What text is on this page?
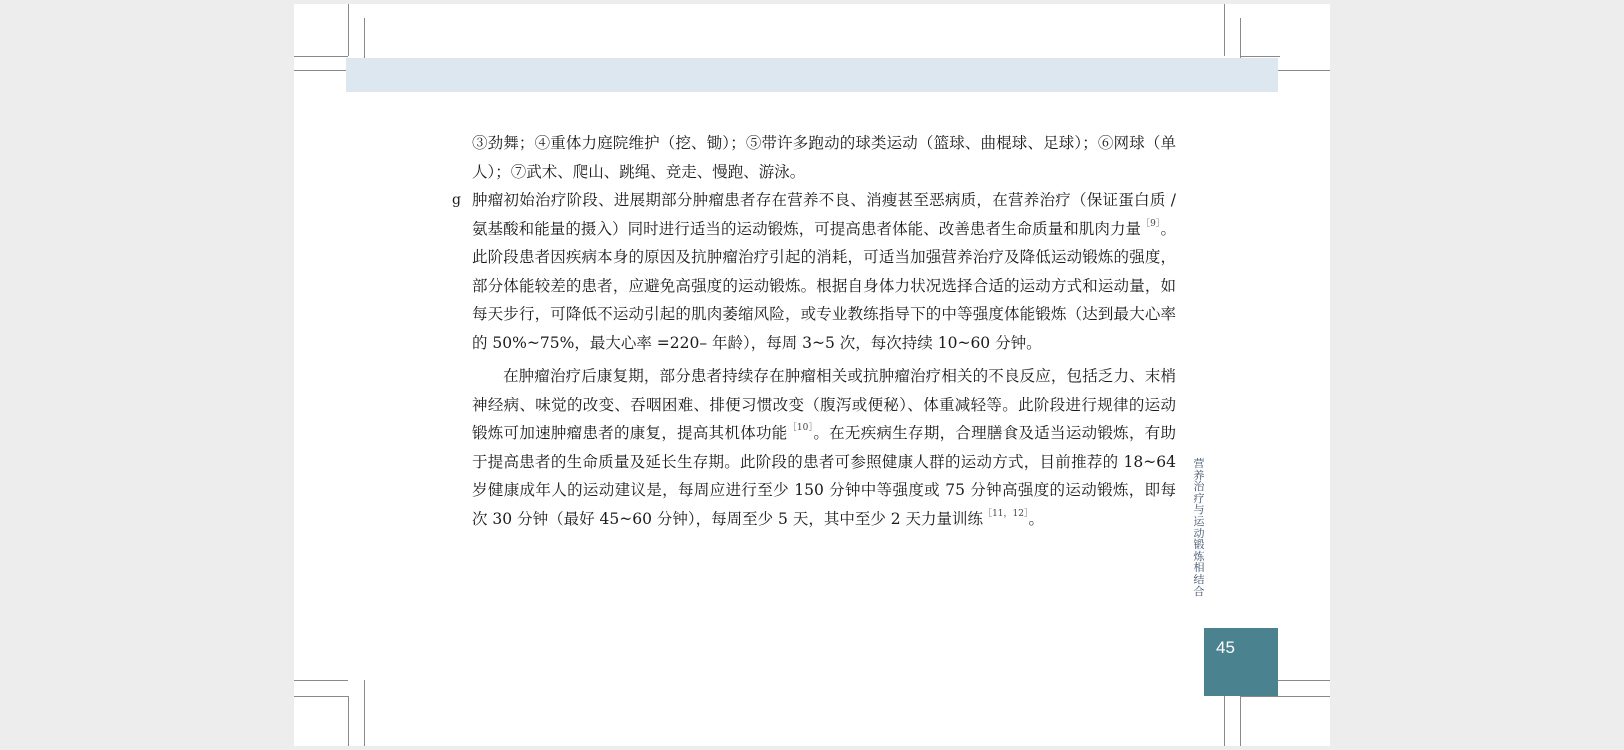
③劲舞；④重体力庭院维护（挖、锄）；⑤带许多跑动的球类运动（篮球、曲棍球、足球）；⑥网球（单人）；⑦武术、爬山、跳绳、竞走、慢跑、游泳。

g 肿瘤初始治疗阶段、进展期部分肿瘤患者存在营养不良、消瘦甚至恶病质，在营养治疗（保证蛋白质 / 氨基酸和能量的摄入）同时进行适当的运动锻炼，可提高患者体能、改善患者生命质量和肌肉力量$^{[9]}$。此阶段患者因疾病本身的原因及抗肿瘤治疗引起的消耗，可适当加强营养治疗及降低运动锻炼的强度，部分体能较差的患者，应避免高强度的运动锻炼。根据自身体力状况选择合适的运动方式和运动量，如每天步行，可降低不运动引起的肌肉萎缩风险，或专业教练指导下的中等强度体能锻炼（达到最大心率的 50%~75%，最大心率 =220– 年龄），每周 3~5 次，每次持续 10~60 分钟。

在肿瘤治疗后康复期，部分患者持续存在肿瘤相关或抗肿瘤治疗相关的不良反应，包括乏力、末梢神经病、味觉的改变、吞咽困难、排便习惯改变（腹泻或便秘）、体重减轻等。此阶段进行规律的运动锻炼可加速肿瘤患者的康复，提高其机体功能$^{[10]}$。在无疾病生存期，合理膳食及适当运动锻炼，有助于提高患者的生命质量及延长生存期。此阶段的患者可参照健康人群的运动方式，目前推荐的 18~64 岁健康成年人的运动建议是，每周应进行至少 150 分钟中等强度或 75 分钟高强度的运动锻炼，即每次 30 分钟（最好 45~60 分钟），每周至少 5 天，其中至少 2 天力量训练$^{[11,12]}$。

营养治疗与运动锻炼相结合
45
